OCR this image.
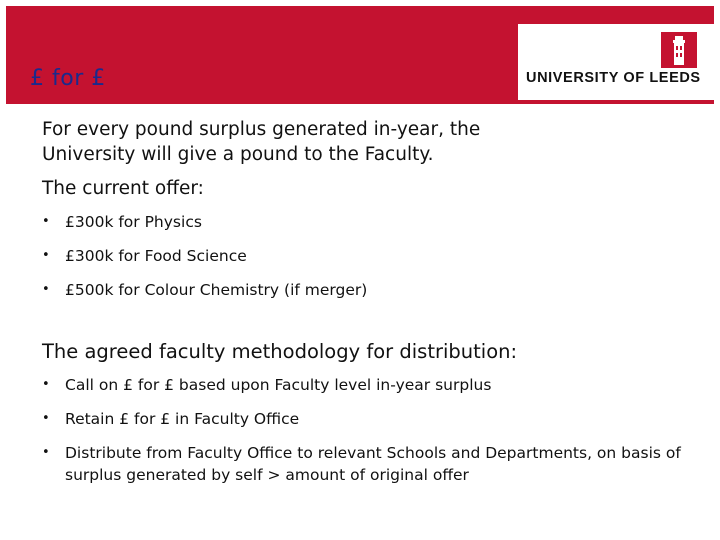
£ for £	UNIVERSITY OF LEEDS

For every pound surplus generated in-year, the
University will give a pound to the Faculty.

The current offer:

• £300k for Physics
• £300k for Food Science
• £500k for Colour Chemistry (if merger)

The agreed faculty methodology for distribution:

• Call on £ for £ based upon Faculty level in-year surplus
• Retain £ for £ in Faculty Office
• Distribute from Faculty Office to relevant Schools and Departments, on basis of surplus generated by self > amount of original offer
